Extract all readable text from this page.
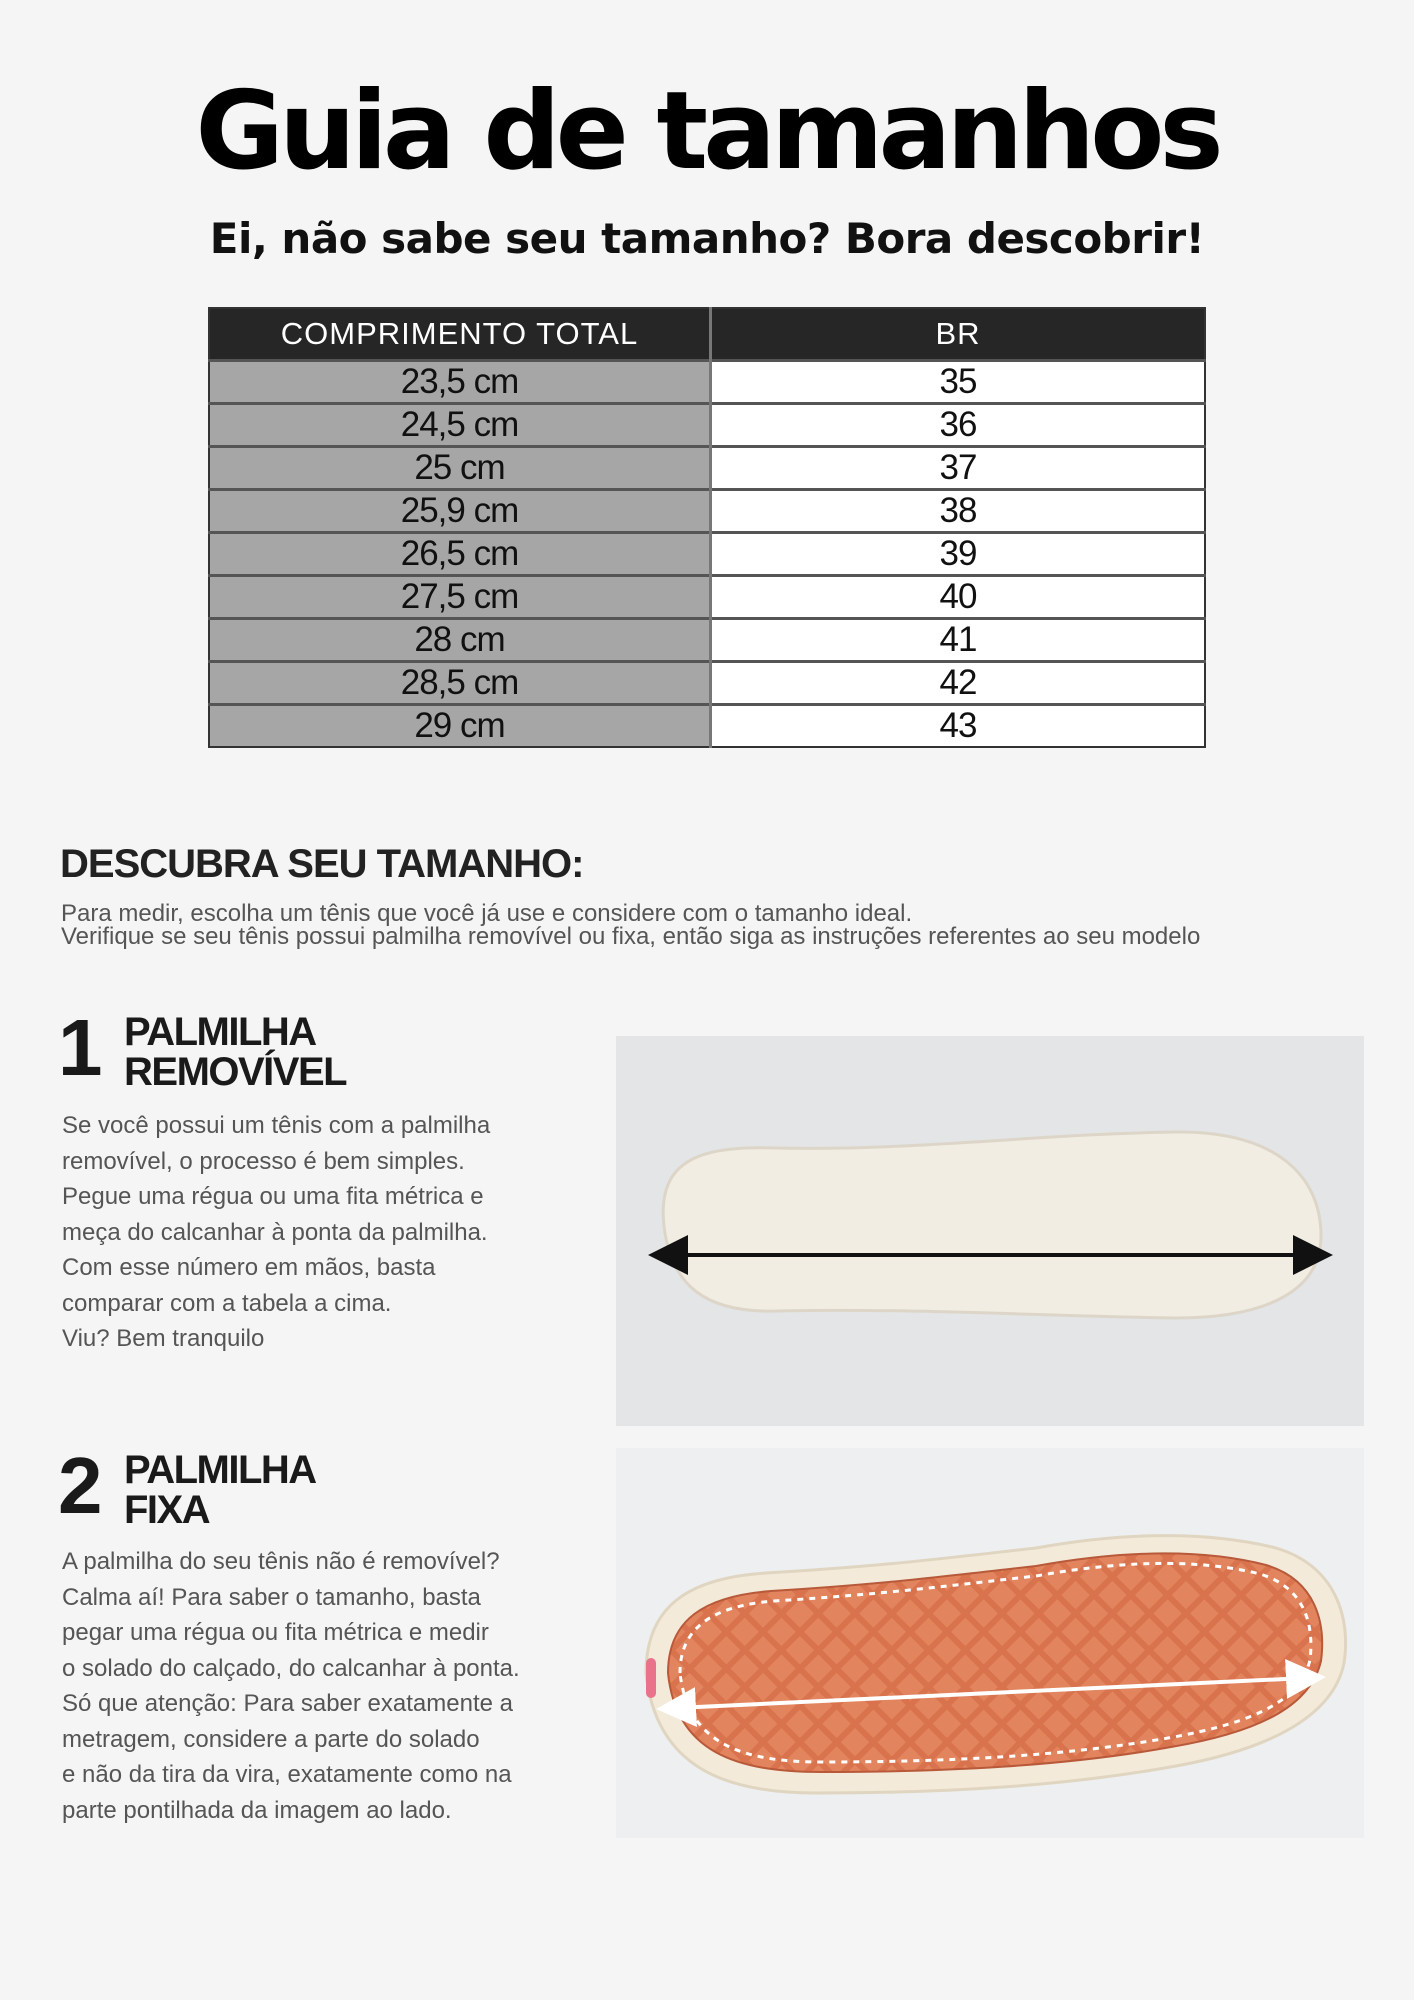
Guia de tamanhos
Ei, não sabe seu tamanho? Bora descobrir!
COMPRIMENTO TOTAL	BR
23,5 cm	35
24,5 cm	36
25 cm	37
25,9 cm	38
26,5 cm	39
27,5 cm	40
28 cm	41
28,5 cm	42
29 cm	43
DESCUBRA SEU TAMANHO:
Para medir, escolha um tênis que você já use e considere com o tamanho ideal.
Verifique se seu tênis possui palmilha removível ou fixa, então siga as instruções referentes ao seu modelo
1 PALMILHA
REMOVÍVEL
Se você possui um tênis com a palmilha
removível, o processo é bem simples.
Pegue uma régua ou uma fita métrica e
meça do calcanhar à ponta da palmilha.
Com esse número em mãos, basta
comparar com a tabela a cima.
Viu? Bem tranquilo
2 PALMILHA
FIXA
A palmilha do seu tênis não é removível?
Calma aí! Para saber o tamanho, basta
pegar uma régua ou fita métrica e medir
o solado do calçado, do calcanhar à ponta.
Só que atenção: Para saber exatamente a
metragem, considere a parte do solado
e não da tira da vira, exatamente como na
parte pontilhada da imagem ao lado.
